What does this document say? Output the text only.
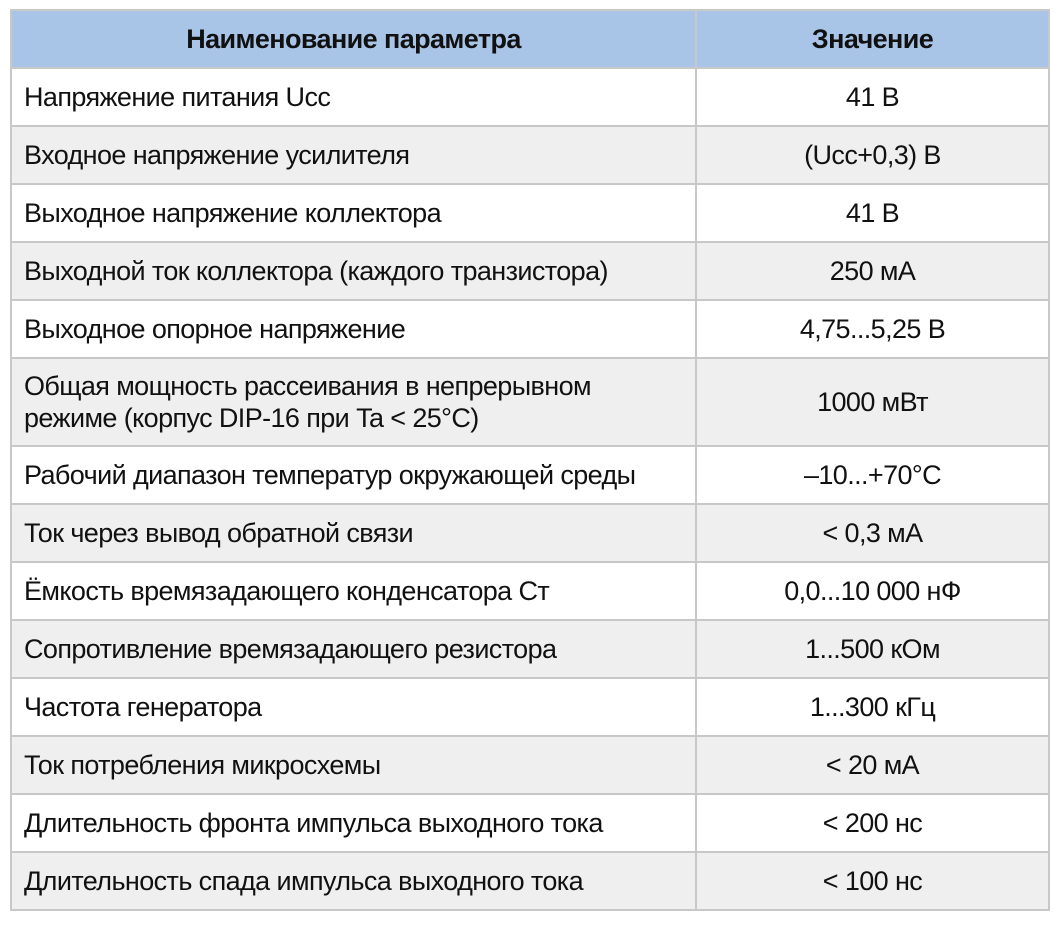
Наименование параметра	Значение
Напряжение питания Ucc	41 В
Входное напряжение усилителя	(Ucc+0,3) В
Выходное напряжение коллектора	41 В
Выходной ток коллектора (каждого транзистора)	250 мА
Выходное опорное напряжение	4,75...5,25 В
Общая мощность рассеивания в непрерывном
режиме (корпус DIP-16 при Ta < 25°C)	1000 мВт
Рабочий диапазон температур окружающей среды	–10...+70°C
Ток через вывод обратной связи	< 0,3 мА
Ёмкость времязадающего конденсатора Ст	0,0...10 000 нФ
Сопротивление времязадающего резистора	1...500 кОм
Частота генератора	1...300 кГц
Ток потребления микросхемы	< 20 мА
Длительность фронта импульса выходного тока	< 200 нс
Длительность спада импульса выходного тока	< 100 нс
